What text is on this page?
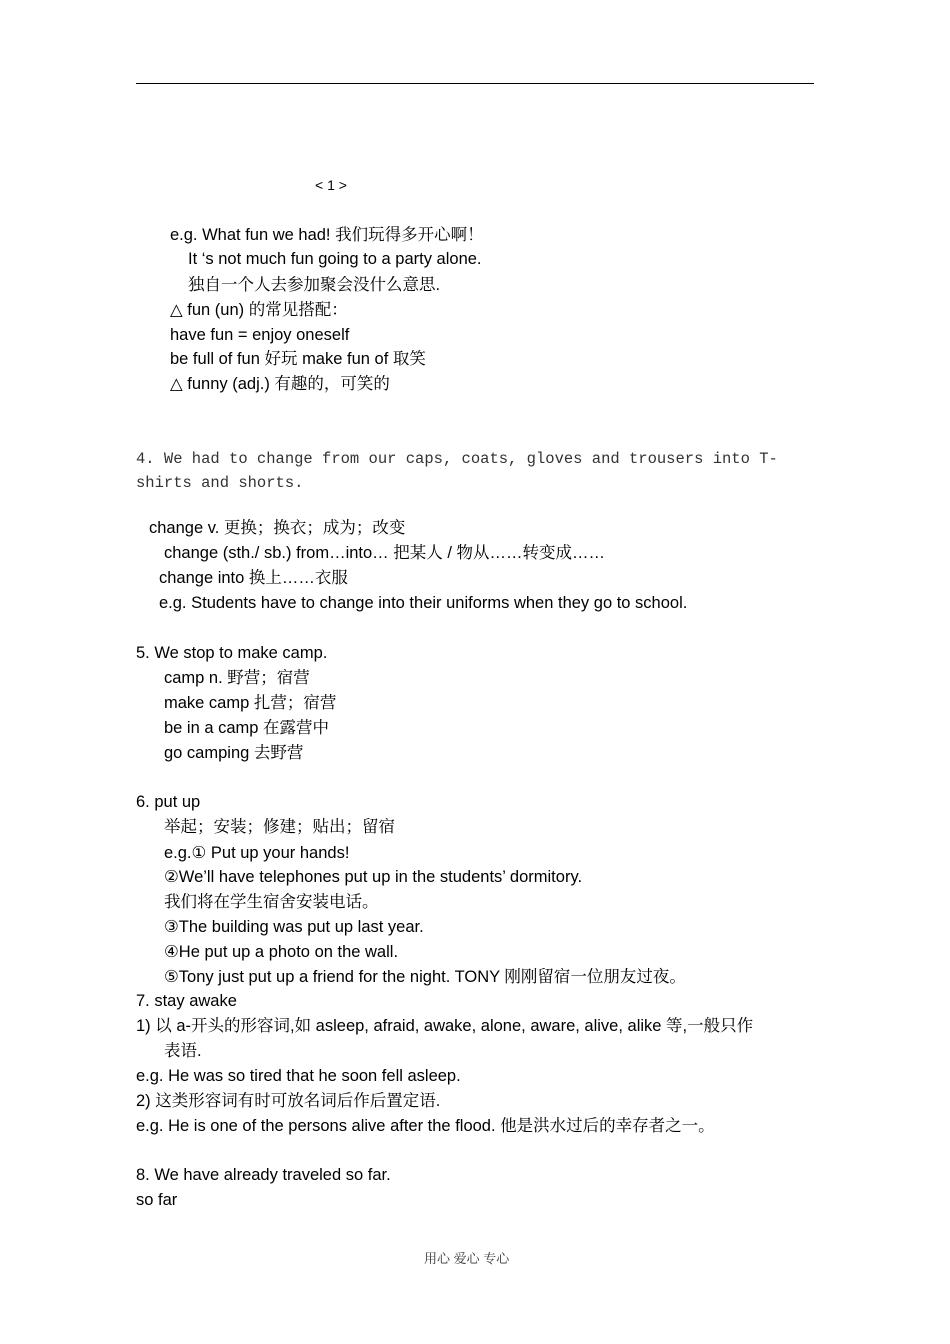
< 1 >
e.g. What fun we had! 我们玩得多开心啊！
It ‘s not much fun going to a party alone.
独自一个人去参加聚会没什么意思.
△ fun (un) 的常见搭配：
have fun = enjoy oneself
be full of fun 好玩 make fun of 取笑
△ funny (adj.) 有趣的，可笑的
4. We had to change from our caps, coats, gloves and trousers into T-
shirts and shorts.
change v. 更换；换衣；成为；改变
change (sth./ sb.) from…into… 把某人 / 物从……转变成……
change into 换上……衣服
e.g. Students have to change into their uniforms when they go to school.
5. We stop to make camp.
camp n. 野营；宿营
make camp 扎营；宿营
be in a camp 在露营中
go camping 去野营
6. put up
举起；安装；修建；贴出；留宿
e.g.① Put up your hands!
②We’ll have telephones put up in the students’ dormitory.
我们将在学生宿舍安装电话。
③The building was put up last year.
④He put up a photo on the wall.
⑤Tony just put up a friend for the night. TONY 刚刚留宿一位朋友过夜。
7. stay awake
1) 以 a-开头的形容词,如 asleep, afraid, awake, alone, aware, alive, alike 等,一般只作
表语.
e.g. He was so tired that he soon fell asleep.
2) 这类形容词有时可放名词后作后置定语.
e.g. He is one of the persons alive after the flood. 他是洪水过后的幸存者之一。
8. We have already traveled so far.
so far
用心 爱心 专心
